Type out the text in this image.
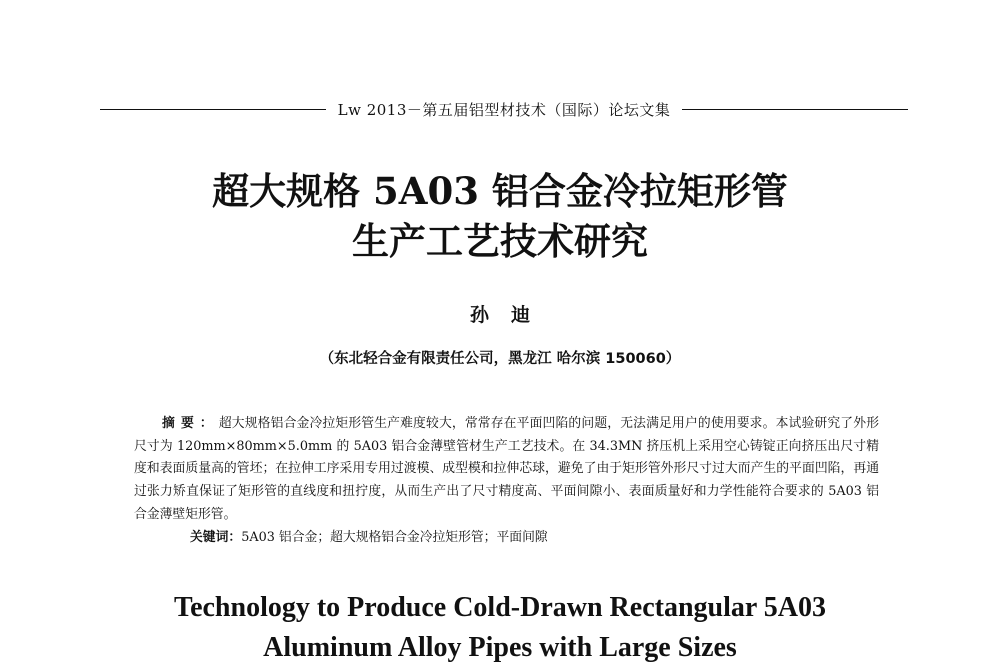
Lw 2013－第五届铝型材技术（国际）论坛文集
超大规格 5A03 铝合金冷拉矩形管
生产工艺技术研究
孙迪
（东北轻合金有限责任公司，黑龙江 哈尔滨 150060）

摘要：超大规格铝合金冷拉矩形管生产难度较大，常常存在平面凹陷的问题，无法满足用户的使用要求。本试验研究了外形尺寸为 120mm×80mm×5.0mm 的 5A03 铝合金薄壁管材生产工艺技术。在 34.3MN 挤压机上采用空心铸锭正向挤压出尺寸精度和表面质量高的管坯；在拉伸工序采用专用过渡模、成型模和拉伸芯球，避免了由于矩形管外形尺寸过大而产生的平面凹陷，再通过张力矫直保证了矩形管的直线度和扭拧度，从而生产出了尺寸精度高、平面间隙小、表面质量好和力学性能符合要求的 5A03 铝合金薄壁矩形管。

关键词：5A03 铝合金；超大规格铝合金冷拉矩形管；平面间隙

Technology to Produce Cold-Drawn Rectangular 5A03
Aluminum Alloy Pipes with Large Sizes
